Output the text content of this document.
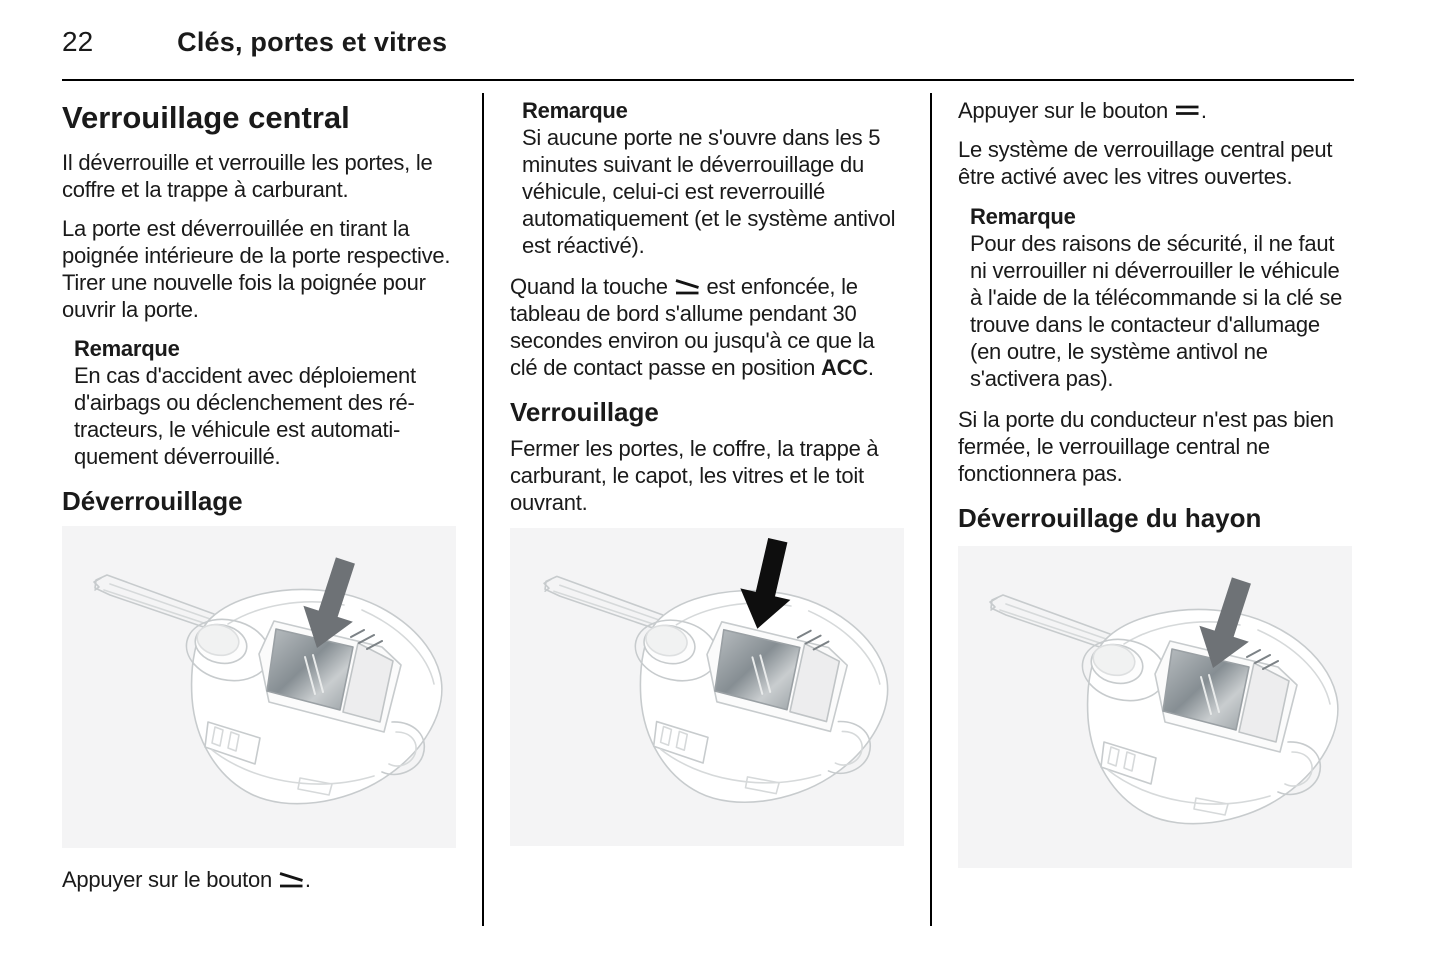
22	Clés, portes et vitres
Verrouillage central

Il déverrouille et verrouille les portes, le coffre et la trappe à carburant.

La porte est déverrouillée en tirant la poignée intérieure de la porte respective. Tirer une nouvelle fois la poignée pour ouvrir la porte.

Remarque
En cas d'accident avec déploiement d'airbags ou déclenchement des rétracteurs, le véhicule est automatiquement déverrouillé.
Déverrouillage

Appuyer sur le bouton .

Remarque
Si aucune porte ne s'ouvre dans les 5 minutes suivant le déverrouillage du véhicule, celui-ci est reverrouillé automatiquement (et le système antivol est réactivé).

Quand la touche  est enfoncée, le tableau de bord s'allume pendant 30 secondes environ ou jusqu'à ce que la clé de contact passe en position ACC.

Verrouillage

Fermer les portes, le coffre, la trappe à carburant, le capot, les vitres et le toit ouvrant.

Appuyer sur le bouton .

Le système de verrouillage central peut être activé avec les vitres ouvertes.

Remarque
Pour des raisons de sécurité, il ne faut ni verrouiller ni déverrouiller le véhicule à l'aide de la télécommande si la clé se trouve dans le contacteur d'allumage (en outre, le système antivol ne s'activera pas).

Si la porte du conducteur n'est pas bien fermée, le verrouillage central ne fonctionnera pas.

Déverrouillage du hayon
